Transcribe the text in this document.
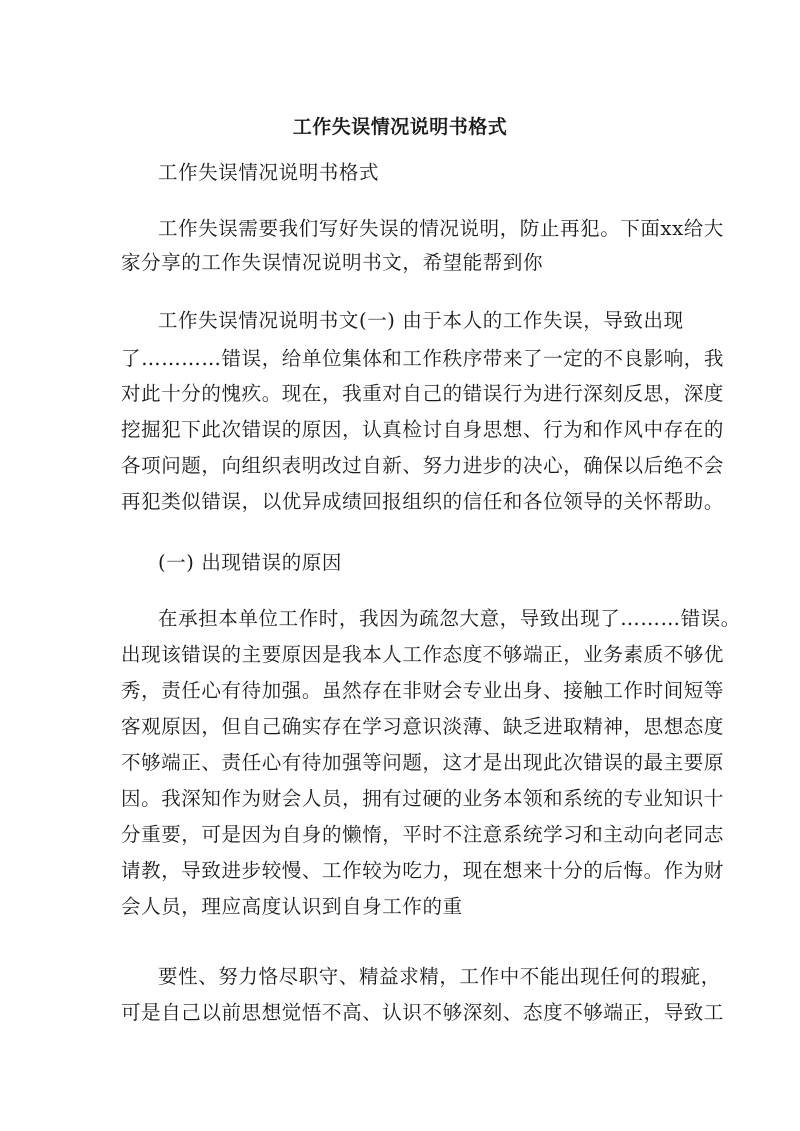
工作失误情况说明书格式
工作失误情况说明书格式
工作失误需要我们写好失误的情况说明，防止再犯。下面xx给大
家分享的工作失误情况说明书文，希望能帮到你
工作失误情况说明书文(一) 由于本人的工作失误，导致出现
了…………错误，给单位集体和工作秩序带来了一定的不良影响，我
对此十分的愧疚。现在，我重对自己的错误行为进行深刻反思，深度
挖掘犯下此次错误的原因，认真检讨自身思想、行为和作风中存在的
各项问题，向组织表明改过自新、努力进步的决心，确保以后绝不会
再犯类似错误，以优异成绩回报组织的信任和各位领导的关怀帮助。
(一) 出现错误的原因
在承担本单位工作时，我因为疏忽大意，导致出现了………错误。
出现该错误的主要原因是我本人工作态度不够端正，业务素质不够优
秀，责任心有待加强。虽然存在非财会专业出身、接触工作时间短等
客观原因，但自己确实存在学习意识淡薄、缺乏进取精神，思想态度
不够端正、责任心有待加强等问题，这才是出现此次错误的最主要原
因。我深知作为财会人员，拥有过硬的业务本领和系统的专业知识十
分重要，可是因为自身的懒惰，平时不注意系统学习和主动向老同志
请教，导致进步较慢、工作较为吃力，现在想来十分的后悔。作为财
会人员，理应高度认识到自身工作的重
要性、努力恪尽职守、精益求精，工作中不能出现任何的瑕疵，
可是自己以前思想觉悟不高、认识不够深刻、态度不够端正，导致工
